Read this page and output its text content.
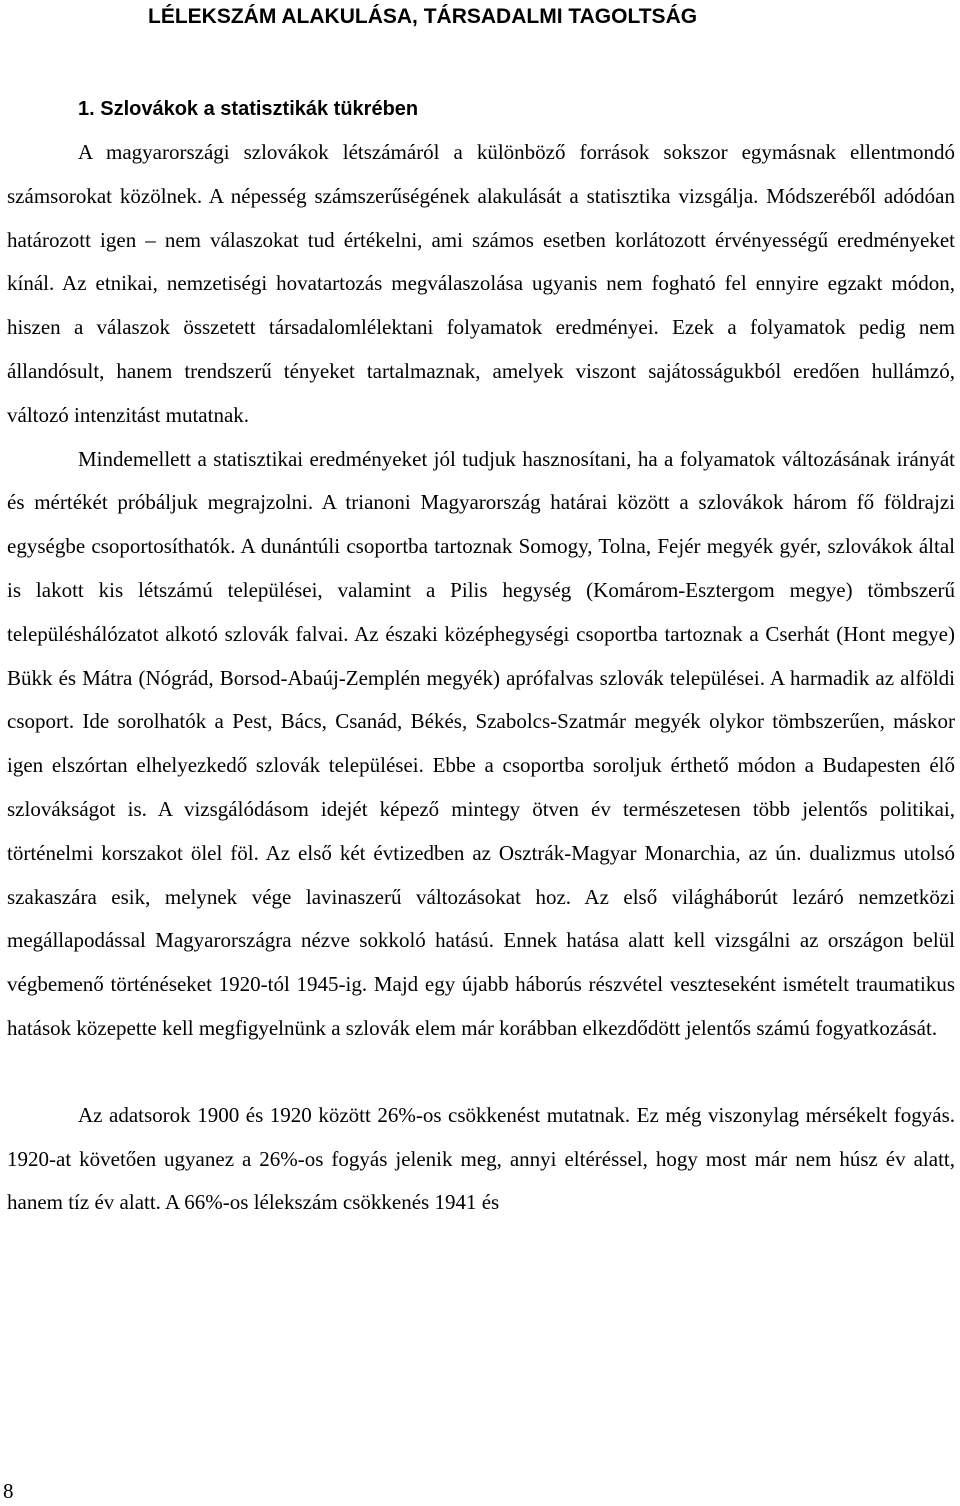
LÉLEKSZÁM ALAKULÁSA, TÁRSADALMI TAGOLTSÁG
1. Szlovákok a statisztikák tükrében

A magyarországi szlovákok létszámáról a különböző források sokszor egymásnak ellentmondó számsorokat közölnek. A népesség számszerűségének alakulását a statisztika vizsgálja. Módszeréből adódóan határozott igen – nem válaszokat tud értékelni, ami számos esetben korlátozott érvényességű eredményeket kínál. Az etnikai, nemzetiségi hovatartozás megválaszolása ugyanis nem fogható fel ennyire egzakt módon, hiszen a válaszok összetett társadalomlélektani folyamatok eredményei. Ezek a folyamatok pedig nem állandósult, hanem trendszerű tényeket tartalmaznak, amelyek viszont sajátosságukból eredően hullámzó, változó intenzitást mutatnak.

Mindemellett a statisztikai eredményeket jól tudjuk hasznosítani, ha a folyamatok változásának irányát és mértékét próbáljuk megrajzolni. A trianoni Magyarország határai között a szlovákok három fő földrajzi egységbe csoportosíthatók. A dunántúli csoportba tartoznak Somogy, Tolna, Fejér megyék gyér, szlovákok által is lakott kis létszámú települései, valamint a Pilis hegység (Komárom-Esztergom megye) tömbszerű településhálózatot alkotó szlovák falvai. Az északi középhegységi csoportba tartoznak a Cserhát (Hont megye) Bükk és Mátra (Nógrád, Borsod-Abaúj-Zemplén megyék) aprófalvas szlovák települései. A harmadik az alföldi csoport. Ide sorolhatók a Pest, Bács, Csanád, Békés, Szabolcs-Szatmár megyék olykor tömbszerűen, máskor igen elszórtan elhelyezkedő szlovák települései. Ebbe a csoportba soroljuk érthető módon a Budapesten élő szlovákságot is. A vizsgálódásom idejét képező mintegy ötven év természetesen több jelentős politikai, történelmi korszakot ölel föl. Az első két évtizedben az Osztrák-Magyar Monarchia, az ún. dualizmus utolsó szakaszára esik, melynek vége lavinaszerű változásokat hoz. Az első világháborút lezáró nemzetközi megállapodással Magyarországra nézve sokkoló hatású. Ennek hatása alatt kell vizsgálni az országon belül végbemenő történéseket 1920-tól 1945-ig. Majd egy újabb háborús részvétel veszteseként ismételt traumatikus hatások közepette kell megfigyelnünk a szlovák elem már korábban elkezdődött jelentős számú fogyatkozását.

Az adatsorok 1900 és 1920 között 26%-os csökkenést mutatnak. Ez még viszonylag mérsékelt fogyás. 1920-at követően ugyanez a 26%-os fogyás jelenik meg, annyi eltéréssel, hogy most már nem húsz év alatt, hanem tíz év alatt. A 66%-os lélekszám csökkenés 1941 és

8
